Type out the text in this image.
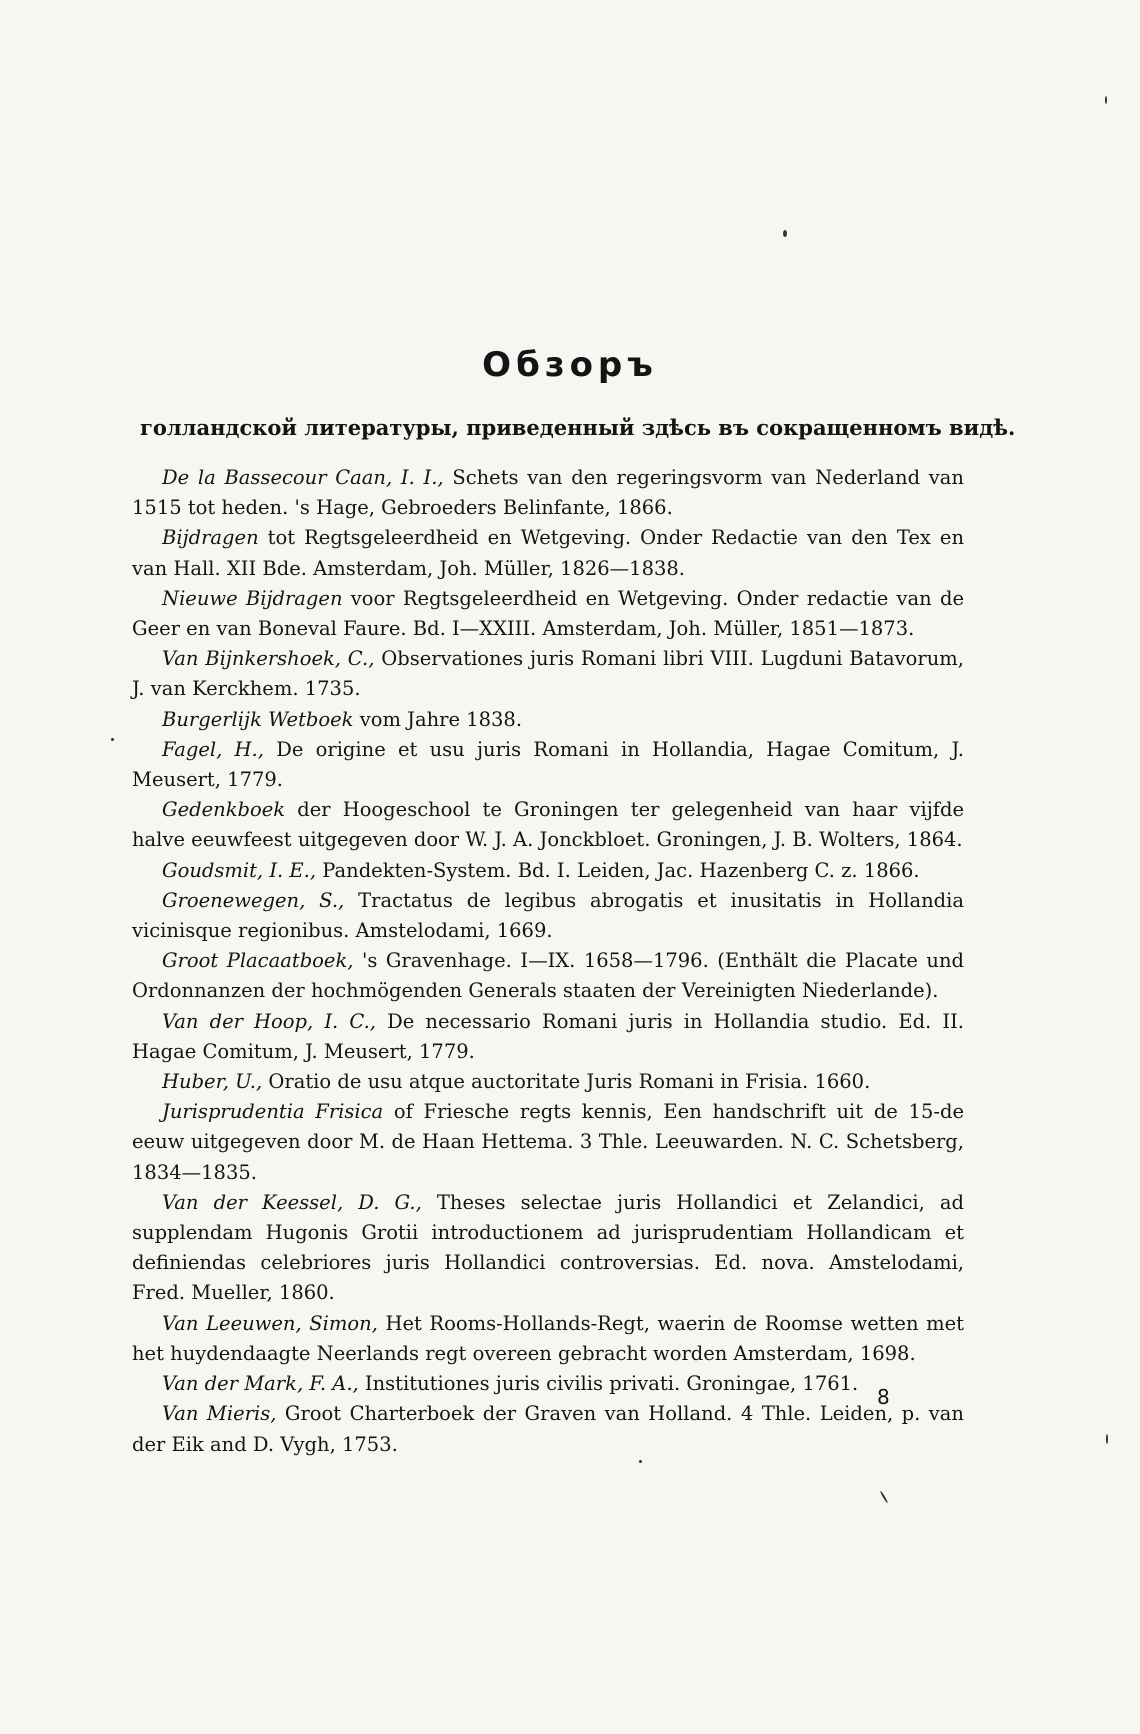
Обзоръ

голландской литературы, приведенный здѣсь въ сокращенномъ видѣ.

De la Bassecour Caan, I. I., Schets van den regeringsvorm van Nederland van 1515 tot heden. 's Hage, Gebroeders Belinfante, 1866.

Bijdragen tot Regtsgeleerdheid en Wetgeving. Onder Redactie van den Tex en van Hall. XII Bde. Amsterdam, Joh. Müller, 1826—1838.

Nieuwe Bijdragen voor Regtsgeleerdheid en Wetgeving. Onder redactie van de Geer en van Boneval Faure. Bd. I—XXIII. Amsterdam, Joh. Müller, 1851—1873.

Van Bijnkershoek, C., Observationes juris Romani libri VIII. Lugduni Batavorum, J. van Kerckhem. 1735.

Burgerlijk Wetboek vom Jahre 1838.

Fagel, H., De origine et usu juris Romani in Hollandia, Hagae Comitum, J. Meusert, 1779.

Gedenkboek der Hoogeschool te Groningen ter gelegenheid van haar vijfde halve eeuwfeest uitgegeven door W. J. A. Jonckbloet. Groningen, J. B. Wolters, 1864.

Goudsmit, I. E., Pandekten-System. Bd. I. Leiden, Jac. Hazenberg C. z. 1866.

Groenewegen, S., Tractatus de legibus abrogatis et inusitatis in Hollandia vicinisque regionibus. Amstelodami, 1669.

Groot Placaatboek, 's Gravenhage. I—IX. 1658—1796. (Enthält die Placate und Ordonnanzen der hochmögenden Generals staaten der Vereinigten Niederlande).

Van der Hoop, I. C., De necessario Romani juris in Hollandia studio. Ed. II. Hagae Comitum, J. Meusert, 1779.

Huber, U., Oratio de usu atque auctoritate Juris Romani in Frisia. 1660.

Jurisprudentia Frisica of Friesche regts kennis, Een handschrift uit de 15-de eeuw uitgegeven door M. de Haan Hettema. 3 Thle. Leeuwarden. N. C. Schetsberg, 1834—1835.

Van der Keessel, D. G., Theses selectae juris Hollandici et Zelandici, ad supplendam Hugonis Grotii introductionem ad jurisprudentiam Hollandicam et definiendas celebriores juris Hollandici controversias. Ed. nova. Amstelodami, Fred. Mueller, 1860.

Van Leeuwen, Simon, Het Rooms-Hollands-Regt, waerin de Roomse wetten met het huydendaagte Neerlands regt overeen gebracht worden Amsterdam, 1698.

Van der Mark, F. A., Institutiones juris civilis privati. Groningae, 1761.

Van Mieris, Groot Charterboek der Graven van Holland. 4 Thle. Leiden, p. van der Eik and D. Vygh, 1753.

8
